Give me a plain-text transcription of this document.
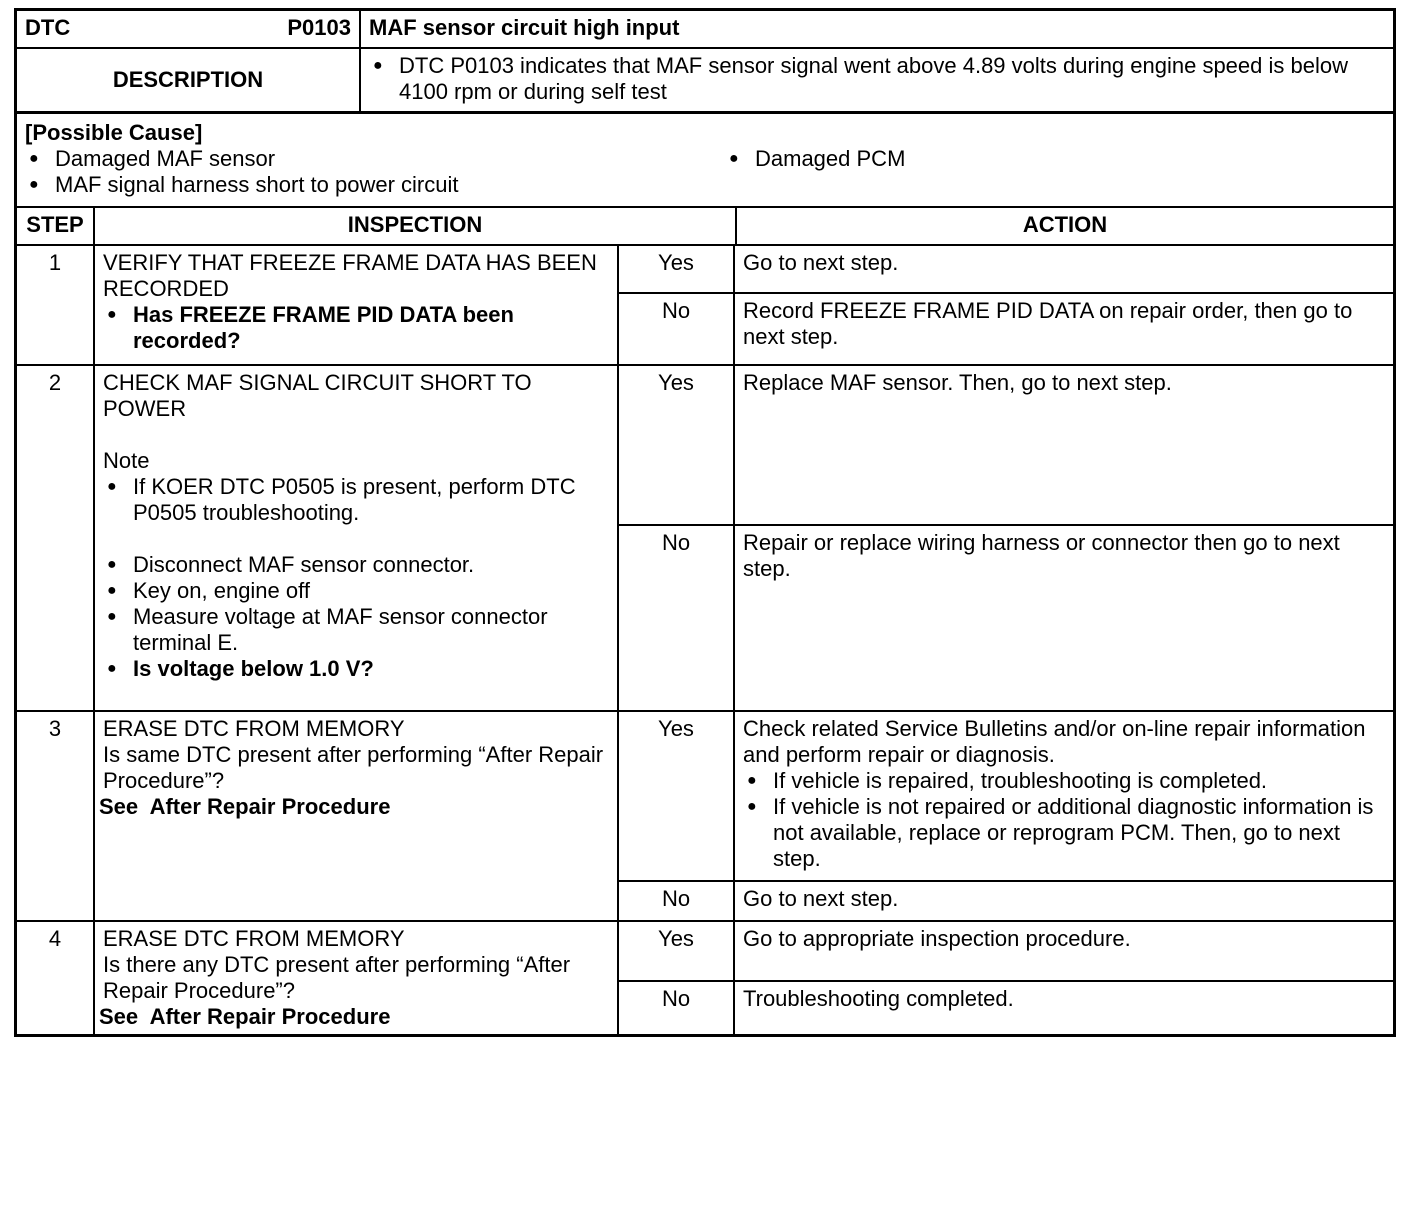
DTC	P0103 MAF sensor circuit high input
DESCRIPTION
● DTC P0103 indicates that MAF sensor signal went above 4.89 volts during engine speed is below 4100 rpm or during self test
[Possible Cause]
● Damaged MAF sensor
● MAF signal harness short to power circuit
● Damaged PCM
STEP	INSPECTION	ACTION
1	VERIFY THAT FREEZE FRAME DATA HAS BEEN RECORDED
● Has FREEZE FRAME PID DATA been recorded?
Yes	Go to next step.
No	Record FREEZE FRAME PID DATA on repair order, then go to next step.
2	CHECK MAF SIGNAL CIRCUIT SHORT TO POWER
Note
● If KOER DTC P0505 is present, perform DTC P0505 troubleshooting.
● Disconnect MAF sensor connector.
● Key on, engine off
● Measure voltage at MAF sensor connector terminal E.
● Is voltage below 1.0 V?
Yes	Replace MAF sensor. Then, go to next step.
No	Repair or replace wiring harness or connector then go to next step.
3	ERASE DTC FROM MEMORY
Is same DTC present after performing “After Repair Procedure”?
See After Repair Procedure
Yes	Check related Service Bulletins and/or on-line repair information and perform repair or diagnosis.
● If vehicle is repaired, troubleshooting is completed.
● If vehicle is not repaired or additional diagnostic information is not available, replace or reprogram PCM. Then, go to next step.
No	Go to next step.
4	ERASE DTC FROM MEMORY
Is there any DTC present after performing “After Repair Procedure”?
See After Repair Procedure
Yes	Go to appropriate inspection procedure.
No	Troubleshooting completed.
